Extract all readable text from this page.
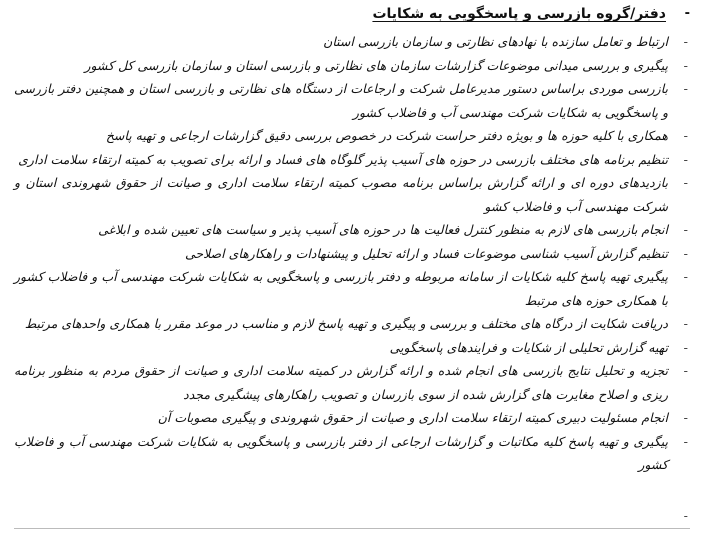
-
دفتر/گروه بازرسی و پاسخگویی به شکایات
-
ارتباط و تعامل سازنده با نهادهای نظارتی و سازمان بازرسی استان
-
پیگیری و بررسی میدانی موضوعات گزارشات سازمان های نظارتی و بازرسی استان و سازمان بازرسی کل کشور
-
بازرسی موردی براساس دستور مدیرعامل شرکت و ارجاعات از دستگاه های نظارتی و بازرسی استان و همچنین دفتر بازرسی و پاسخگویی به شکایات شرکت مهندسی آب و فاضلاب کشور
-
همکاری با کلیه حوزه ها و بویژه دفتر حراست شرکت در خصوص بررسی دقیق گزارشات ارجاعی و تهیه پاسخ
-
تنظیم برنامه های مختلف بازرسی در حوزه های آسیب پذیر گلوگاه های فساد و ارائه برای تصویب به کمیته ارتقاء سلامت اداری
-
بازدیدهای دوره ای و ارائه گزارش براساس برنامه مصوب کمیته ارتقاء سلامت اداری و صیانت از حقوق شهروندی استان و شرکت مهندسی آب و فاضلاب کشو
-
انجام بازرسی های لازم به منظور کنترل فعالیت ها در حوزه های آسیب پذیر و سیاست های تعیین شده و ابلاغی
-
تنظیم گزارش آسیب شناسی موضوعات فساد و ارائه تحلیل و پیشنهادات و راهکارهای اصلاحی
-
پیگیری تهیه پاسخ کلیه شکایات از سامانه مربوطه و دفتر بازرسی و پاسخگویی به شکایات شرکت مهندسی آب و فاضلاب کشور با همکاری حوزه های مرتبط
-
دریافت شکایت از درگاه های مختلف و بررسی و پیگیری و تهیه پاسخ لازم و مناسب در موعد مقرر با همکاری واحدهای مرتبط
-
تهیه گزارش تحلیلی از شکایات و فرایندهای پاسخگویی
-
تجزیه و تحلیل نتایج بازرسی های انجام شده و ارائه گزارش در کمیته سلامت اداری و صیانت از حقوق مردم به منظور برنامه ریزی و اصلاح مغایرت های گزارش شده از سوی بازرسان و تصویب راهکارهای پیشگیری مجدد
-
انجام مسئولیت دبیری کمیته ارتقاء سلامت اداری و صیانت از حقوق شهروندی و پیگیری مصوبات آن
-
پیگیری و تهیه پاسخ کلیه مکاتبات و گزارشات ارجاعی از دفتر بازرسی و پاسخگویی به شکایات شرکت مهندسی آب و فاضلاب کشور
-
